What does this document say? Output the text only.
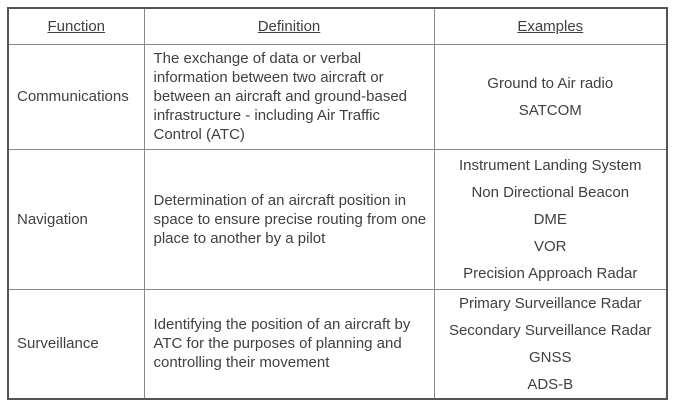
Function	Definition	Examples
Communications	The exchange of data or verbal information between two aircraft or between an aircraft and ground-based infrastructure - including Air Traffic Control (ATC)	Ground to Air radio
SATCOM

Navigation	Determination of an aircraft position in space to ensure precise routing from one place to another by a pilot	Instrument Landing System
Non Directional Beacon
DME
VOR
Precision Approach Radar

Surveillance	Identifying the position of an aircraft by ATC for the purposes of planning and controlling their movement	Primary Surveillance Radar
Secondary Surveillance Radar
GNSS
ADS-B
